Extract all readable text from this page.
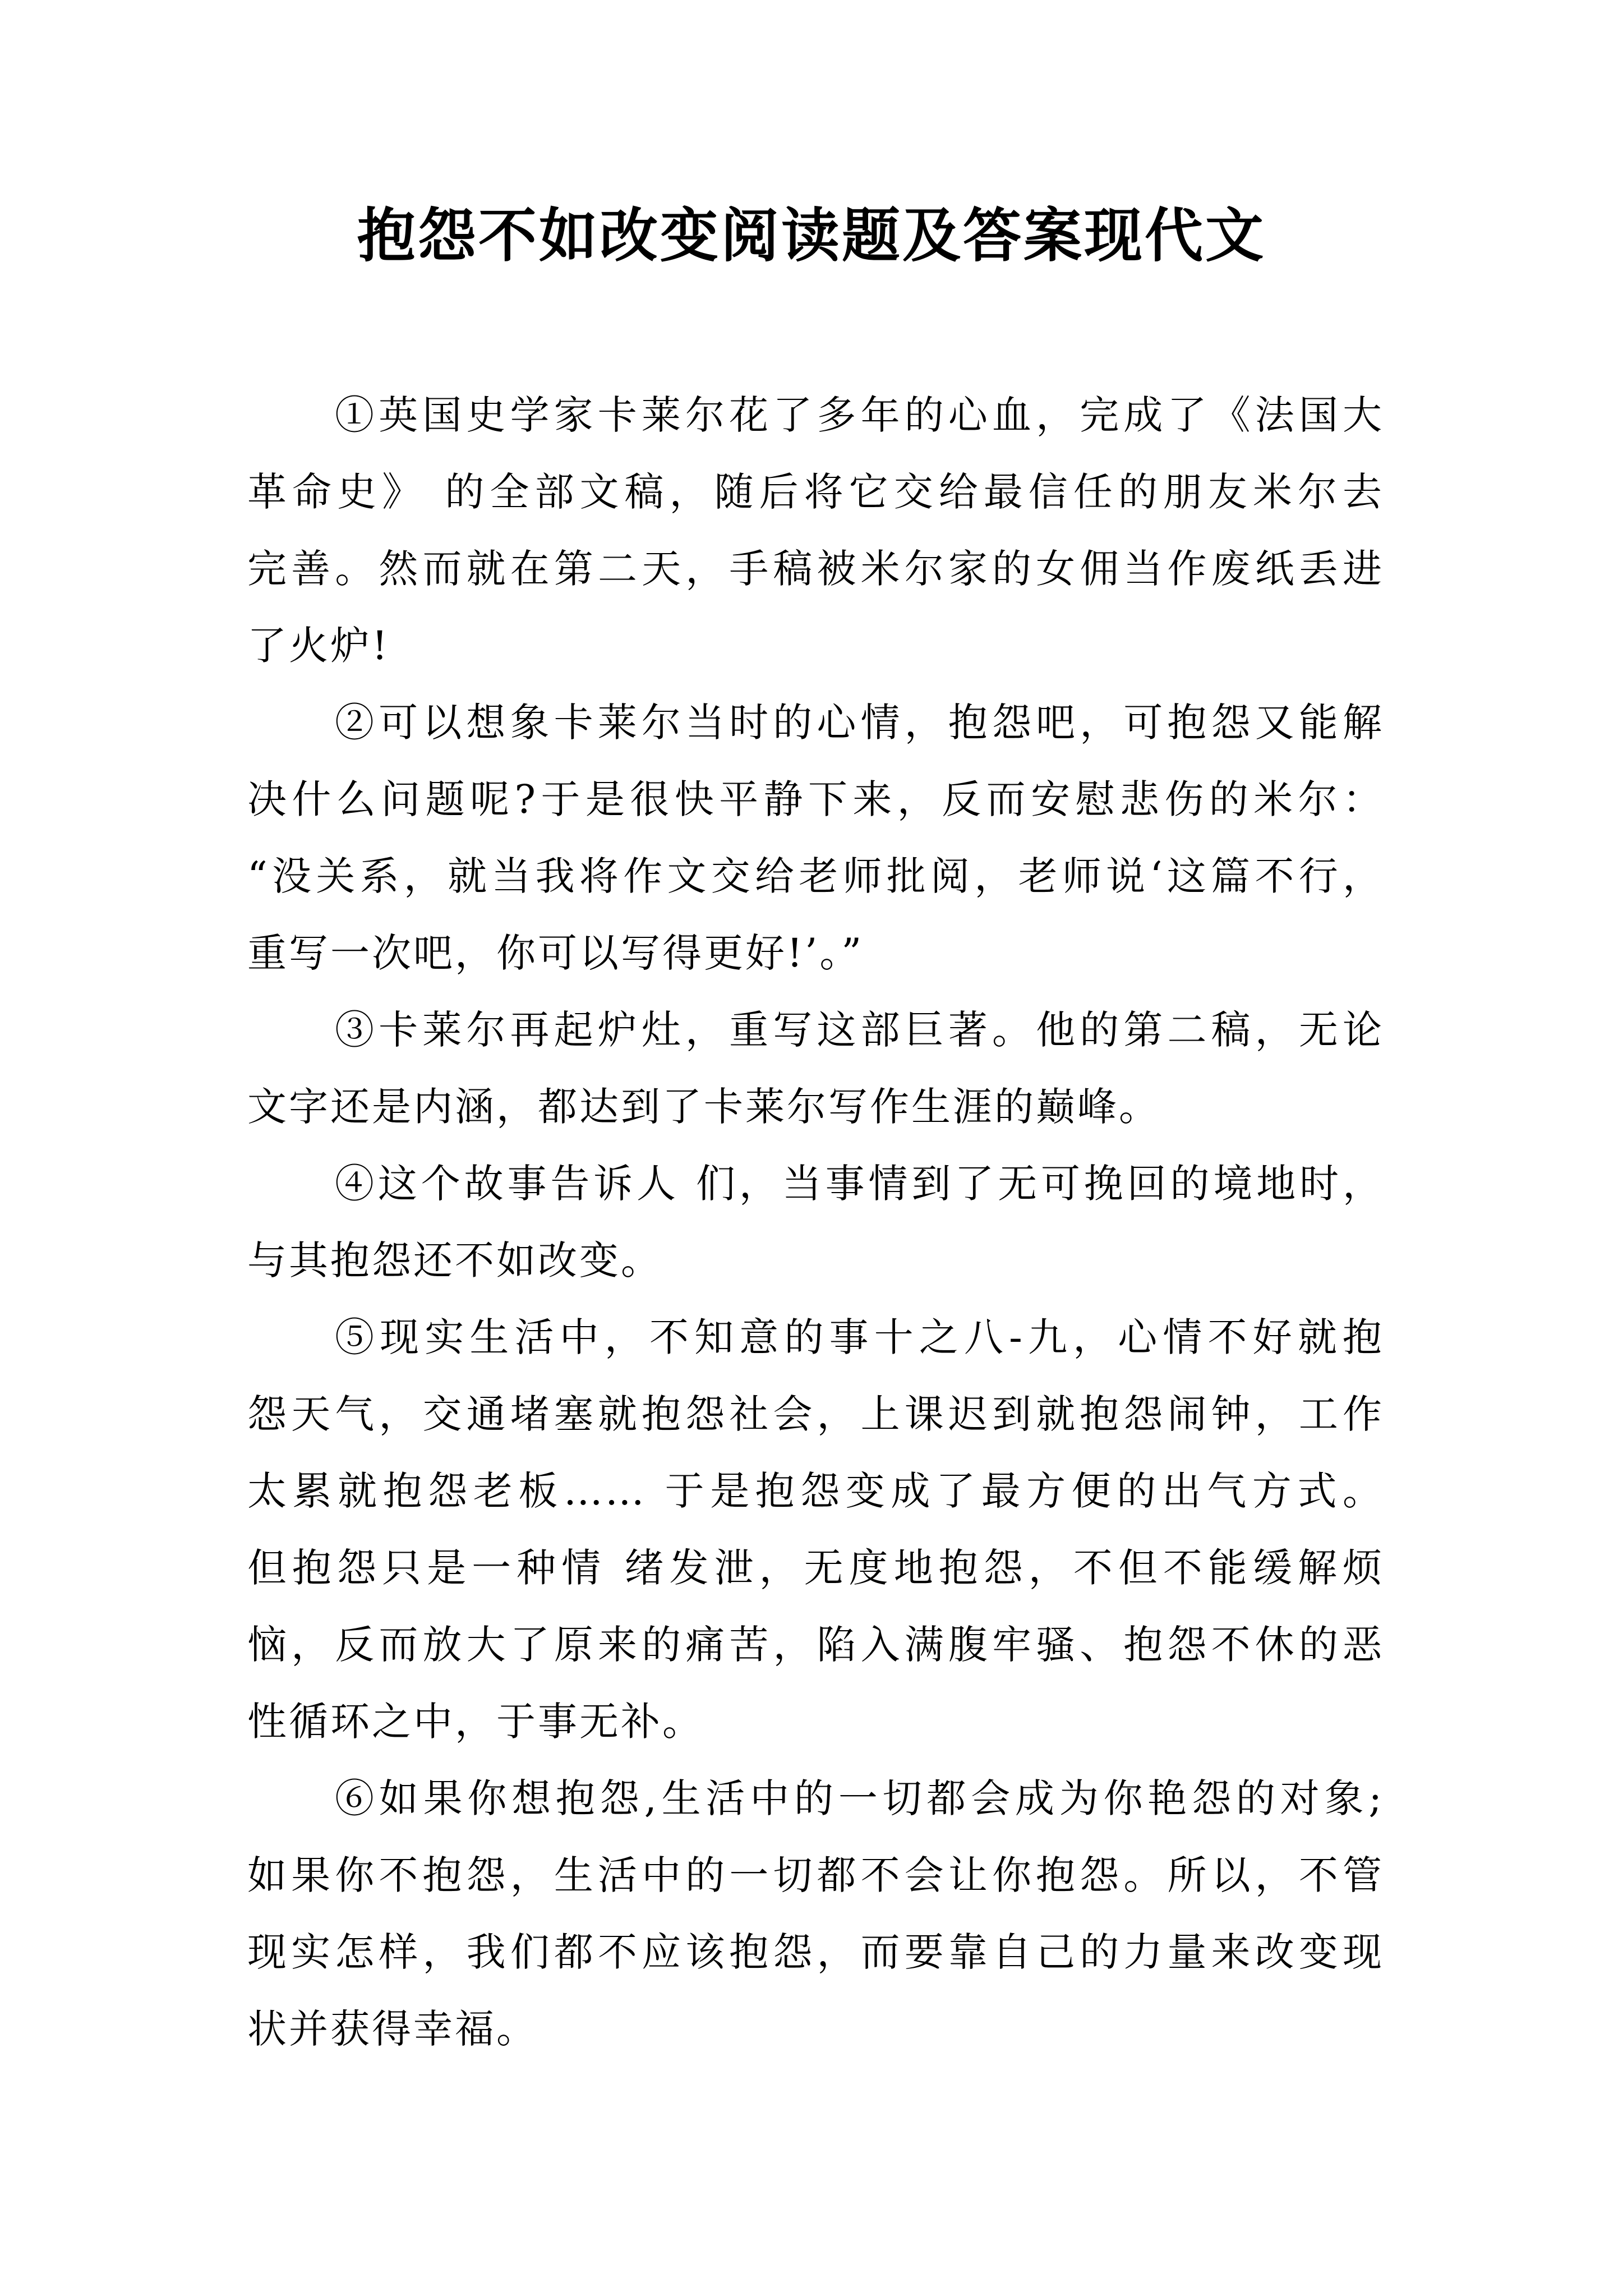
抱怨不如改变阅读题及答案现代文
①英国史学家卡莱尔花了多年的心血，完成了《法国大
革命史》 的全部文稿，随后将它交给最信任的朋友米尔去
完善。然而就在第二天，手稿被米尔家的女佣当作废纸丢进
了火炉!
②可以想象卡莱尔当时的心情，抱怨吧，可抱怨又能解
决什么问题呢?于是很快平静下来，反而安慰悲伤的米尔：
“没关系，就当我将作文交给老师批阅，老师说‘这篇不行，
重写一次吧，你可以写得更好!’。”
③卡莱尔再起炉灶，重写这部巨著。他的第二稿，无论
文字还是内涵，都达到了卡莱尔写作生涯的巅峰。
④这个故事告诉人 们，当事情到了无可挽回的境地时，
与其抱怨还不如改变。
⑤现实生活中，不知意的事十之八-九，心情不好就抱
怨天气，交通堵塞就抱怨社会，上课迟到就抱怨闹钟，工作
太累就抱怨老板…… 于是抱怨变成了最方便的出气方式。
但抱怨只是一种情 绪发泄，无度地抱怨，不但不能缓解烦
恼，反而放大了原来的痛苦，陷入满腹牢骚、抱怨不休的恶
性循环之中，于事无补。
⑥如果你想抱怨,生活中的一切都会成为你艳怨的对象;
如果你不抱怨，生活中的一切都不会让你抱怨。所以，不管
现实怎样，我们都不应该抱怨，而要靠自己的力量来改变现
状并获得幸福。
